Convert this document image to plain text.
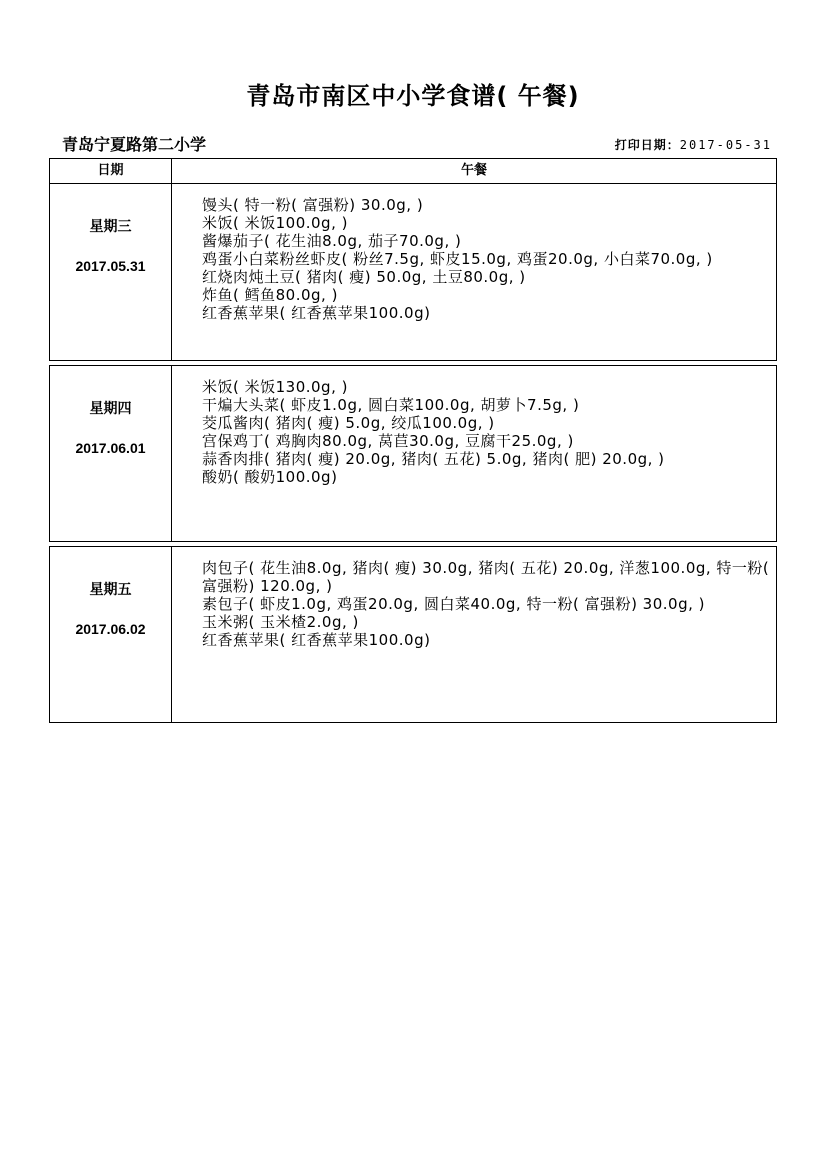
青岛市南区中小学食谱( 午餐)
青岛宁夏路第二小学	打印日期：2017-05-31
日期	午餐
星期三
2017.05.31
馒头( 特一粉( 富强粉) 30.0g, )
米饭( 米饭100.0g, )
酱爆茄子( 花生油8.0g, 茄子70.0g, )
鸡蛋小白菜粉丝虾皮( 粉丝7.5g, 虾皮15.0g, 鸡蛋20.0g, 小白菜70.0g, )
红烧肉炖土豆( 猪肉( 瘦) 50.0g, 土豆80.0g, )
炸鱼( 鳕鱼80.0g, )
红香蕉苹果( 红香蕉苹果100.0g)
星期四
2017.06.01
米饭( 米饭130.0g, )
干煸大头菜( 虾皮1.0g, 圆白菜100.0g, 胡萝卜7.5g, )
茭瓜酱肉( 猪肉( 瘦) 5.0g, 绞瓜100.0g, )
宫保鸡丁( 鸡胸肉80.0g, 莴苣30.0g, 豆腐干25.0g, )
蒜香肉排( 猪肉( 瘦) 20.0g, 猪肉( 五花) 5.0g, 猪肉( 肥) 20.0g, )
酸奶( 酸奶100.0g)
星期五
2017.06.02
肉包子( 花生油8.0g, 猪肉( 瘦) 30.0g, 猪肉( 五花) 20.0g, 洋葱100.0g, 特一粉( 富强粉) 120.0g, )
素包子( 虾皮1.0g, 鸡蛋20.0g, 圆白菜40.0g, 特一粉( 富强粉) 30.0g, )
玉米粥( 玉米楂2.0g, )
红香蕉苹果( 红香蕉苹果100.0g)
